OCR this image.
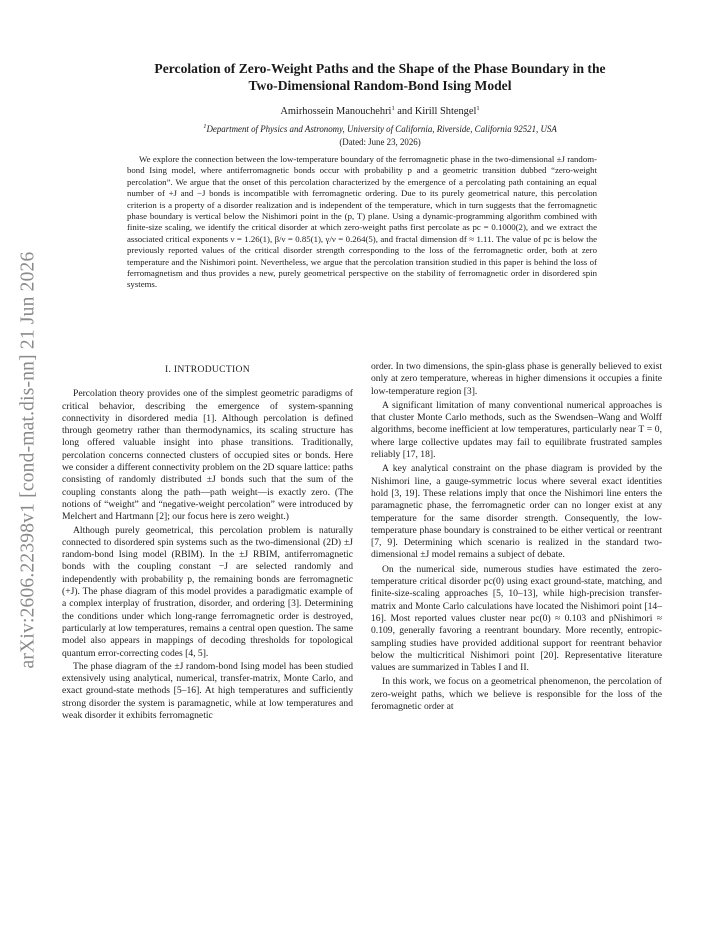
arXiv:2606.22398v1 [cond-mat.dis-nn] 21 Jun 2026
Percolation of Zero-Weight Paths and the Shape of the Phase Boundary in the
Two-Dimensional Random-Bond Ising Model
Amirhossein Manouchehri$^1$ and Kirill Shtengel$^1$
$^1$Department of Physics and Astronomy, University of California, Riverside, California 92521, USA
(Dated: June 23, 2026)

We explore the connection between the low-temperature boundary of the ferromagnetic phase in the two-dimensional ±J random-bond Ising model, where antiferromagnetic bonds occur with probability p and a geometric transition dubbed “zero-weight percolation”. We argue that the onset of this percolation characterized by the emergence of a percolating path containing an equal number of +J and −J bonds is incompatible with ferromagnetic ordering. Due to its purely geometrical nature, this percolation criterion is a property of a disorder realization and is independent of the temperature, which in turn suggests that the ferromagnetic phase boundary is vertical below the Nishimori point in the (p, T) plane. Using a dynamic-programming algorithm combined with finite-size scaling, we identify the critical disorder at which zero-weight paths first percolate as pc = 0.1000(2), and we extract the associated critical exponents ν = 1.26(1), β/ν = 0.85(1), γ/ν = 0.264(5), and fractal dimension df ≈ 1.11. The value of pc is below the previously reported values of the critical disorder strength corresponding to the loss of the ferromagnetic order, both at zero temperature and the Nishimori point. Nevertheless, we argue that the percolation transition studied in this paper is behind the loss of ferromagnetism and thus provides a new, purely geometrical perspective on the stability of ferromagnetic order in disordered spin systems.

I. INTRODUCTION

Percolation theory provides one of the simplest geometric paradigms of critical behavior, describing the emergence of system-spanning connectivity in disordered media [1]. Although percolation is defined through geometry rather than thermodynamics, its scaling structure has long offered valuable insight into phase transitions. Traditionally, percolation concerns connected clusters of occupied sites or bonds. Here we consider a different connectivity problem on the 2D square lattice: paths consisting of randomly distributed ±J bonds such that the sum of the coupling constants along the path—path weight—is exactly zero. (The notions of “weight” and “negative-weight percolation” were introduced by Melchert and Hartmann [2]; our focus here is zero weight.)

Although purely geometrical, this percolation problem is naturally connected to disordered spin systems such as the two-dimensional (2D) ±J random-bond Ising model (RBIM). In the ±J RBIM, antiferromagnetic bonds with the coupling constant −J are selected randomly and independently with probability p, the remaining bonds are ferromagnetic (+J). The phase diagram of this model provides a paradigmatic example of a complex interplay of frustration, disorder, and ordering [3]. Determining the conditions under which long-range ferromagnetic order is destroyed, particularly at low temperatures, remains a central open question. The same model also appears in mappings of decoding thresholds for topological quantum error-correcting codes [4, 5].

The phase diagram of the ±J random-bond Ising model has been studied extensively using analytical, numerical, transfer-matrix, Monte Carlo, and exact ground-state methods [5–16]. At high temperatures and sufficiently strong disorder the system is paramagnetic, while at low temperatures and weak disorder it exhibits ferromagnetic

order. In two dimensions, the spin-glass phase is generally believed to exist only at zero temperature, whereas in higher dimensions it occupies a finite low-temperature region [3].

A significant limitation of many conventional numerical approaches is that cluster Monte Carlo methods, such as the Swendsen–Wang and Wolff algorithms, become inefficient at low temperatures, particularly near T = 0, where large collective updates may fail to equilibrate frustrated samples reliably [17, 18].

A key analytical constraint on the phase diagram is provided by the Nishimori line, a gauge-symmetric locus where several exact identities hold [3, 19]. These relations imply that once the Nishimori line enters the paramagnetic phase, the ferromagnetic order can no longer exist at any temperature for the same disorder strength. Consequently, the low-temperature phase boundary is constrained to be either vertical or reentrant [7, 9]. Determining which scenario is realized in the standard two-dimensional ±J model remains a subject of debate.

On the numerical side, numerous studies have estimated the zero-temperature critical disorder pc(0) using exact ground-state, matching, and finite-size-scaling approaches [5, 10–13], while high-precision transfer-matrix and Monte Carlo calculations have located the Nishimori point [14–16]. Most reported values cluster near pc(0) ≈ 0.103 and pNishimori ≈ 0.109, generally favoring a reentrant boundary. More recently, entropic-sampling studies have provided additional support for reentrant behavior below the multicritical Nishimori point [20]. Representative literature values are summarized in Tables I and II.

In this work, we focus on a geometrical phenomenon, the percolation of zero-weight paths, which we believe is responsible for the loss of the feromagnetic order at
